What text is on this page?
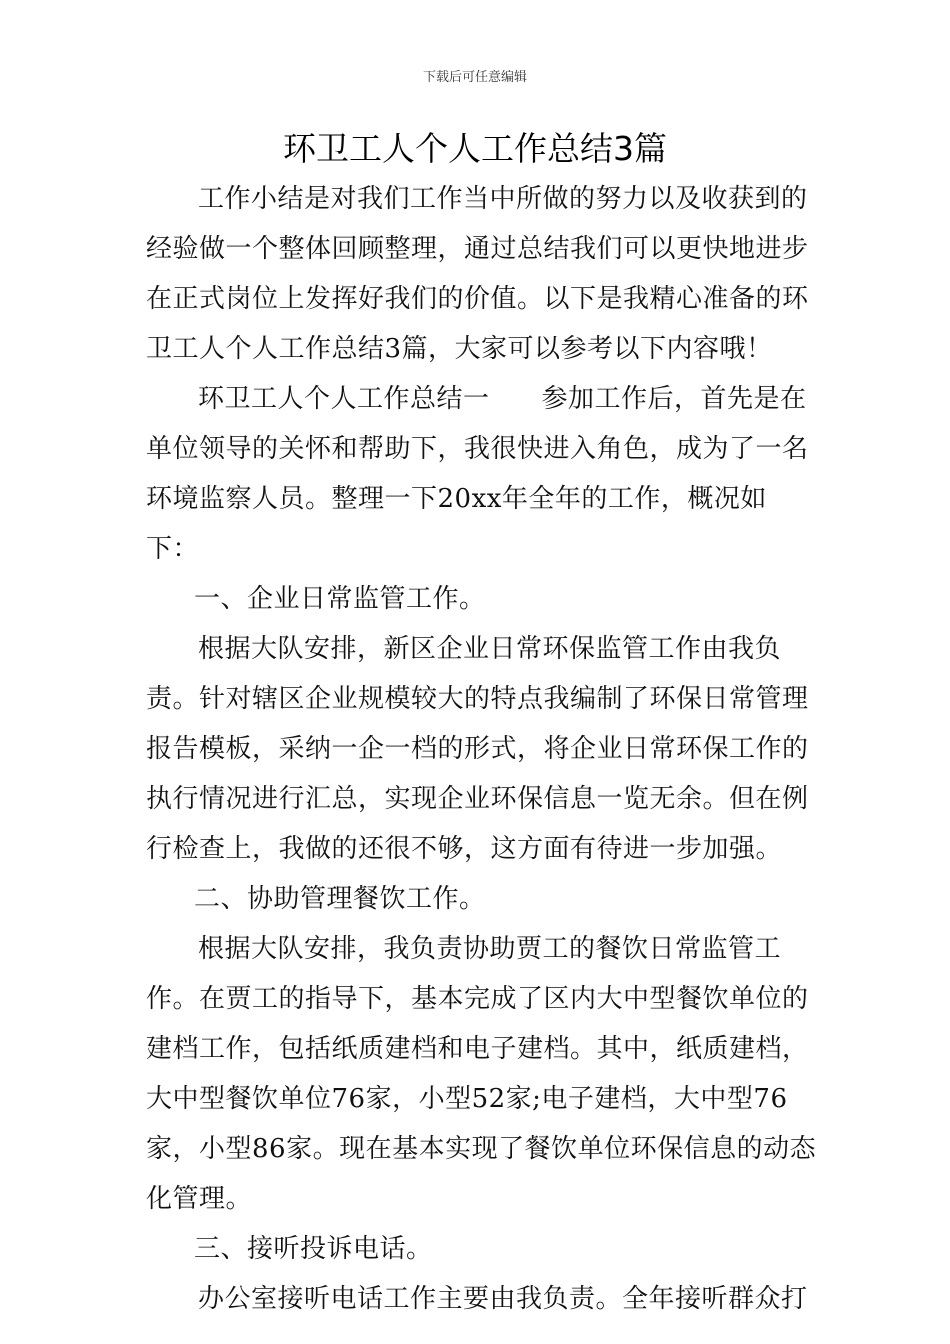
下载后可任意编辑
环卫工人个人工作总结3篇

工作小结是对我们工作当中所做的努力以及收获到的经验做一个整体回顾整理，通过总结我们可以更快地进步在正式岗位上发挥好我们的价值。以下是我精心准备的环卫工人个人工作总结3篇，大家可以参考以下内容哦！

环卫工人个人工作总结一 参加工作后，首先是在单位领导的关怀和帮助下，我很快进入角色，成为了一名环境监察人员。整理一下20xx年全年的工作，概况如下：

一、企业日常监管工作。

根据大队安排，新区企业日常环保监管工作由我负责。针对辖区企业规模较大的特点我编制了环保日常管理报告模板，采纳一企一档的形式，将企业日常环保工作的执行情况进行汇总，实现企业环保信息一览无余。但在例行检查上，我做的还很不够，这方面有待进一步加强。

二、协助管理餐饮工作。

根据大队安排，我负责协助贾工的餐饮日常监管工作。在贾工的指导下，基本完成了区内大中型餐饮单位的建档工作，包括纸质建档和电子建档。其中，纸质建档，大中型餐饮单位76家，小型52家;电子建档，大中型76家，小型86家。现在基本实现了餐饮单位环保信息的动态化管理。

三、接听投诉电话。

办公室接听电话工作主要由我负责。全年接听群众打
